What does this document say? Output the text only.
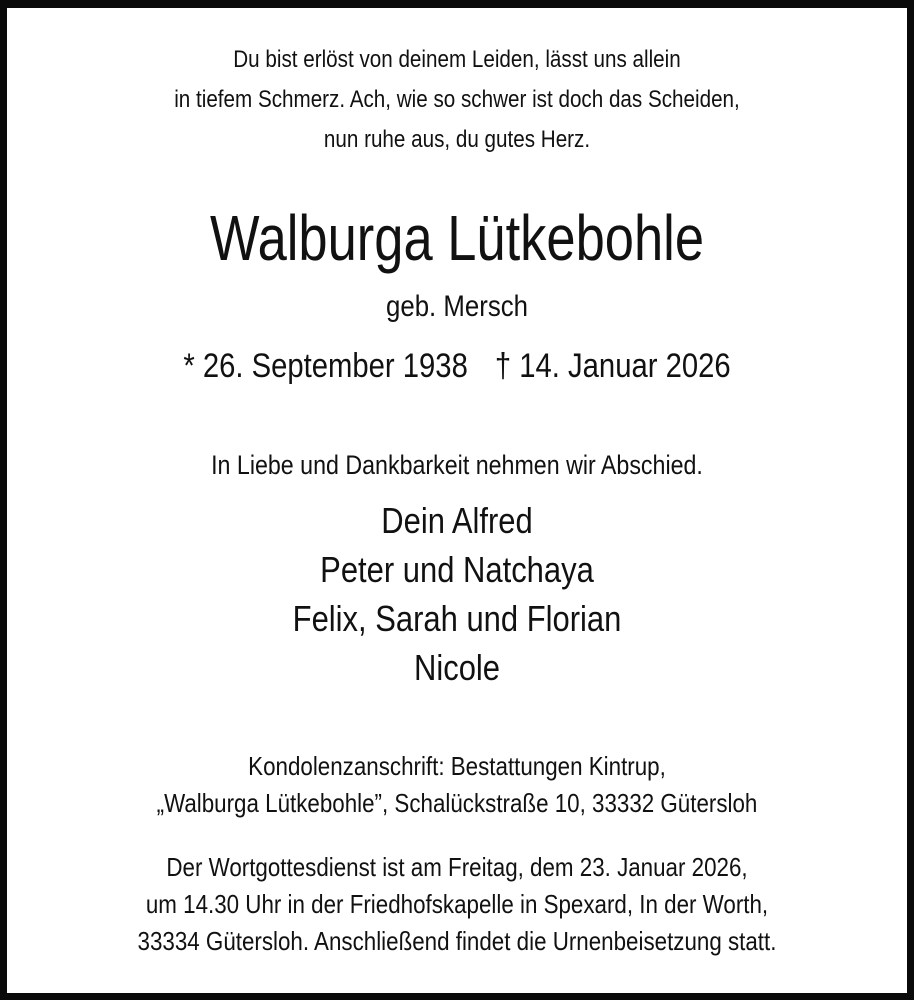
Du bist erlöst von deinem Leiden, lässt uns allein
in tiefem Schmerz. Ach, wie so schwer ist doch das Scheiden,
nun ruhe aus, du gutes Herz.
Walburga Lütkebohle
geb. Mersch
* 26. September 1938 † 14. Januar 2026
In Liebe und Dankbarkeit nehmen wir Abschied.
Dein Alfred
Peter und Natchaya
Felix, Sarah und Florian
Nicole
Kondolenzanschrift: Bestattungen Kintrup,
„Walburga Lütkebohle”, Schalückstraße 10, 33332 Gütersloh
Der Wortgottesdienst ist am Freitag, dem 23. Januar 2026,
um 14.30 Uhr in der Friedhofskapelle in Spexard, In der Worth,
33334 Gütersloh. Anschließend findet die Urnenbeisetzung statt.
